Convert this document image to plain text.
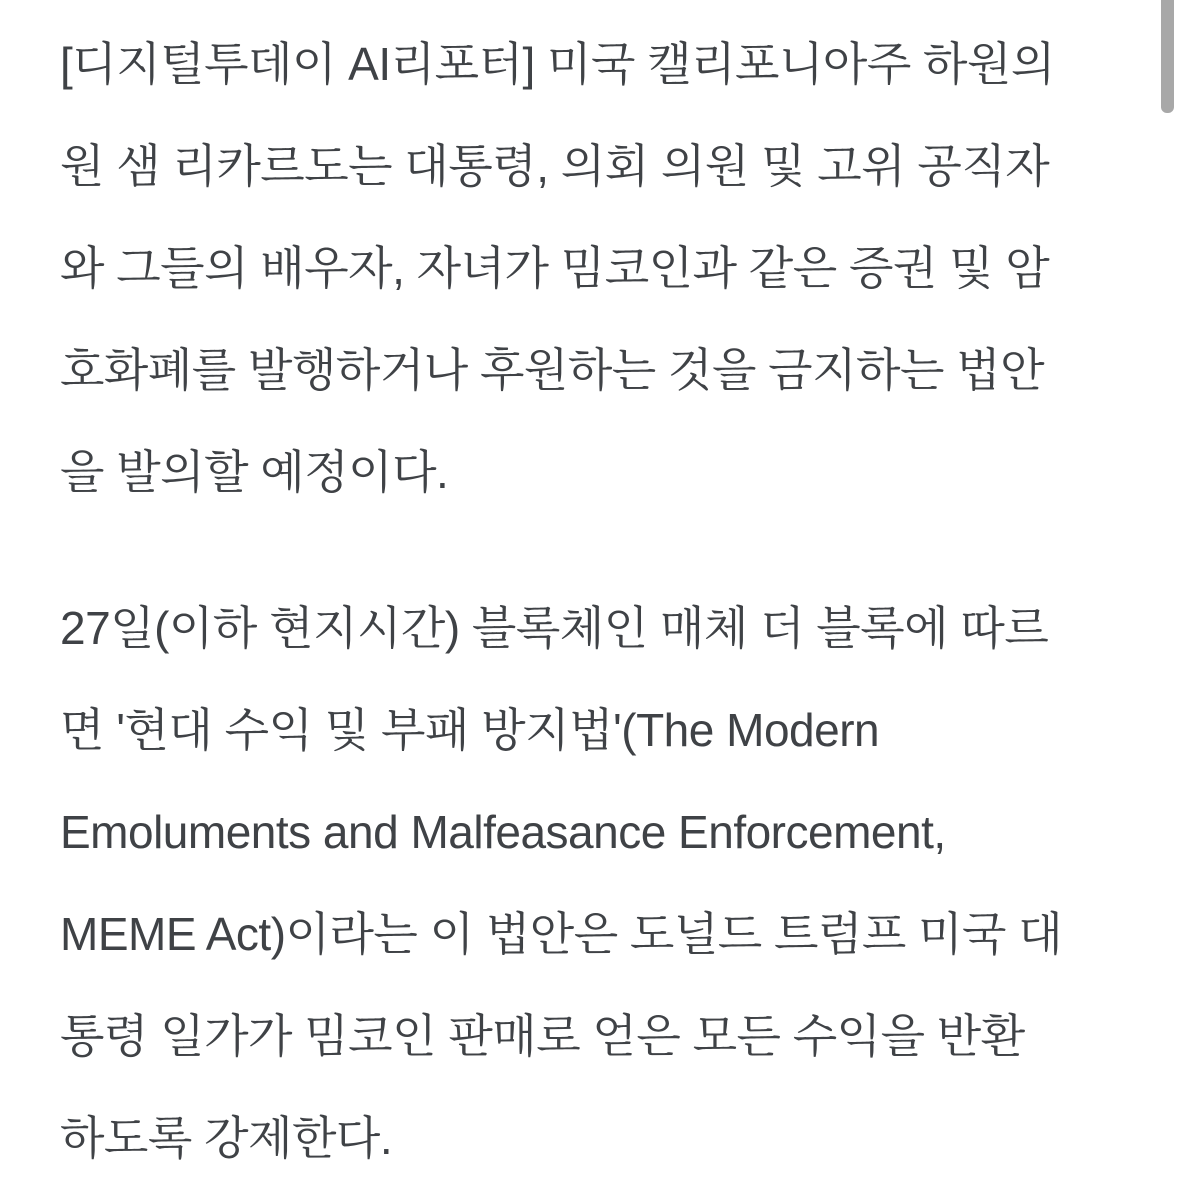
[디지털투데이 AI리포터] 미국 캘리포니아주 하원의
원 샘 리카르도는 대통령, 의회 의원 및 고위 공직자
와 그들의 배우자, 자녀가 밈코인과 같은 증권 및 암
호화폐를 발행하거나 후원하는 것을 금지하는 법안
을 발의할 예정이다.

27일(이하 현지시간) 블록체인 매체 더 블록에 따르
면 '현대 수익 및 부패 방지법'(The Modern
Emoluments and Malfeasance Enforcement,
MEME Act)이라는 이 법안은 도널드 트럼프 미국 대
통령 일가가 밈코인 판매로 얻은 모든 수익을 반환
하도록 강제한다.
